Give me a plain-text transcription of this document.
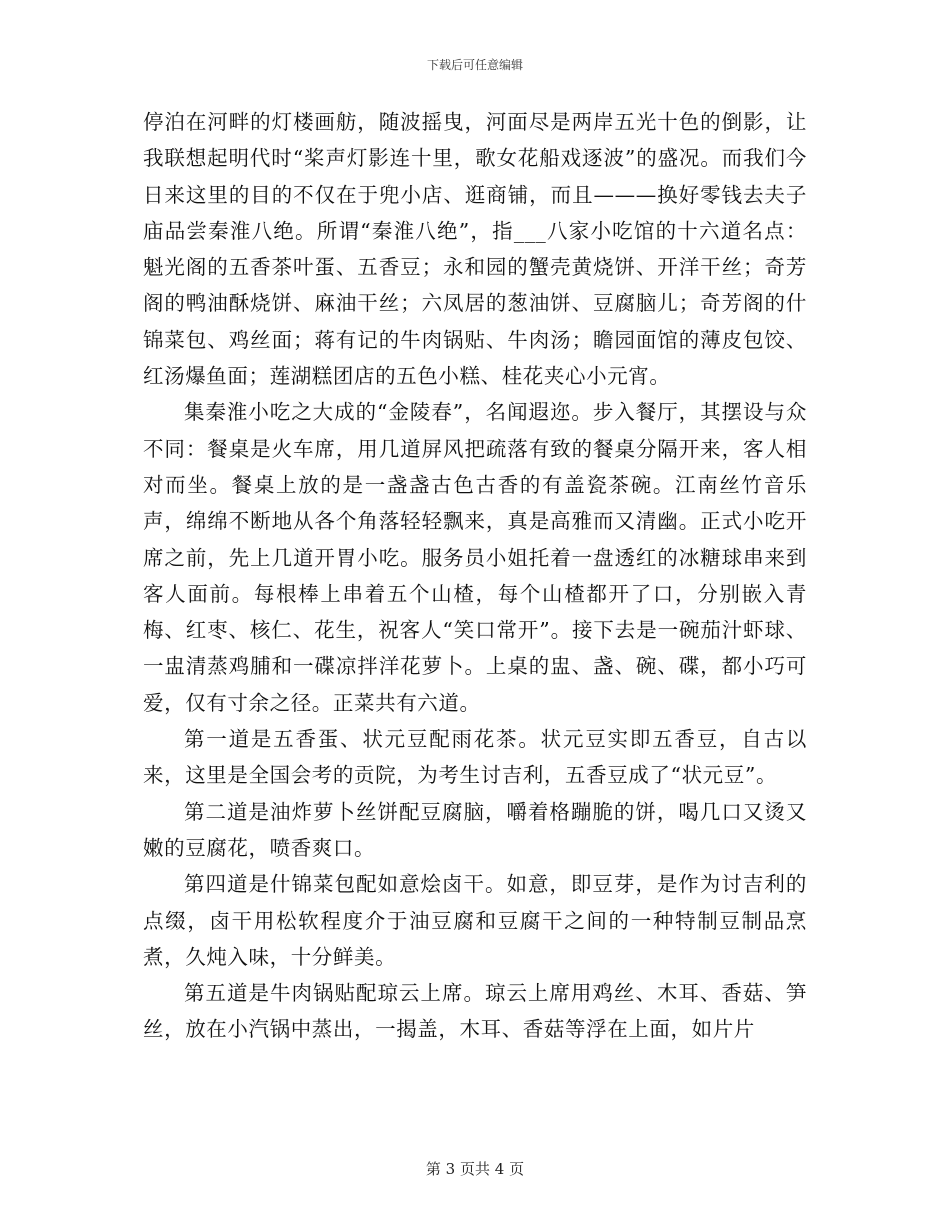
下载后可任意编辑

停泊在河畔的灯楼画舫，随波摇曳，河面尽是两岸五光十色的倒影，让我联想起明代时“桨声灯影连十里，歌女花船戏逐波”的盛况。而我们今日来这里的目的不仅在于兜小店、逛商铺，而且———换好零钱去夫子庙品尝秦淮八绝。所谓“秦淮八绝”，指___八家小吃馆的十六道名点：魁光阁的五香茶叶蛋、五香豆；永和园的蟹壳黄烧饼、开洋干丝；奇芳阁的鸭油酥烧饼、麻油干丝；六凤居的葱油饼、豆腐脑儿；奇芳阁的什锦菜包、鸡丝面；蒋有记的牛肉锅贴、牛肉汤；瞻园面馆的薄皮包饺、红汤爆鱼面；莲湖糕团店的五色小糕、桂花夹心小元宵。

集秦淮小吃之大成的“金陵春”，名闻遐迩。步入餐厅，其摆设与众不同：餐桌是火车席，用几道屏风把疏落有致的餐桌分隔开来，客人相对而坐。餐桌上放的是一盏盏古色古香的有盖瓷茶碗。江南丝竹音乐声，绵绵不断地从各个角落轻轻飘来，真是高雅而又清幽。正式小吃开席之前，先上几道开胃小吃。服务员小姐托着一盘透红的冰糖球串来到客人面前。每根棒上串着五个山楂，每个山楂都开了口，分别嵌入青梅、红枣、核仁、花生，祝客人“笑口常开”。接下去是一碗茄汁虾球、一盅清蒸鸡脯和一碟凉拌洋花萝卜。上桌的盅、盏、碗、碟，都小巧可爱，仅有寸余之径。正菜共有六道。

第一道是五香蛋、状元豆配雨花茶。状元豆实即五香豆，自古以来，这里是全国会考的贡院，为考生讨吉利，五香豆成了“状元豆”。

第二道是油炸萝卜丝饼配豆腐脑，嚼着格蹦脆的饼，喝几口又烫又嫩的豆腐花，喷香爽口。

第四道是什锦菜包配如意烩卤干。如意，即豆芽，是作为讨吉利的点缀，卤干用松软程度介于油豆腐和豆腐干之间的一种特制豆制品烹煮，久炖入味，十分鲜美。

第五道是牛肉锅贴配琼云上席。琼云上席用鸡丝、木耳、香菇、笋丝，放在小汽锅中蒸出，一揭盖，木耳、香菇等浮在上面，如片片

第 3 页共 4 页
